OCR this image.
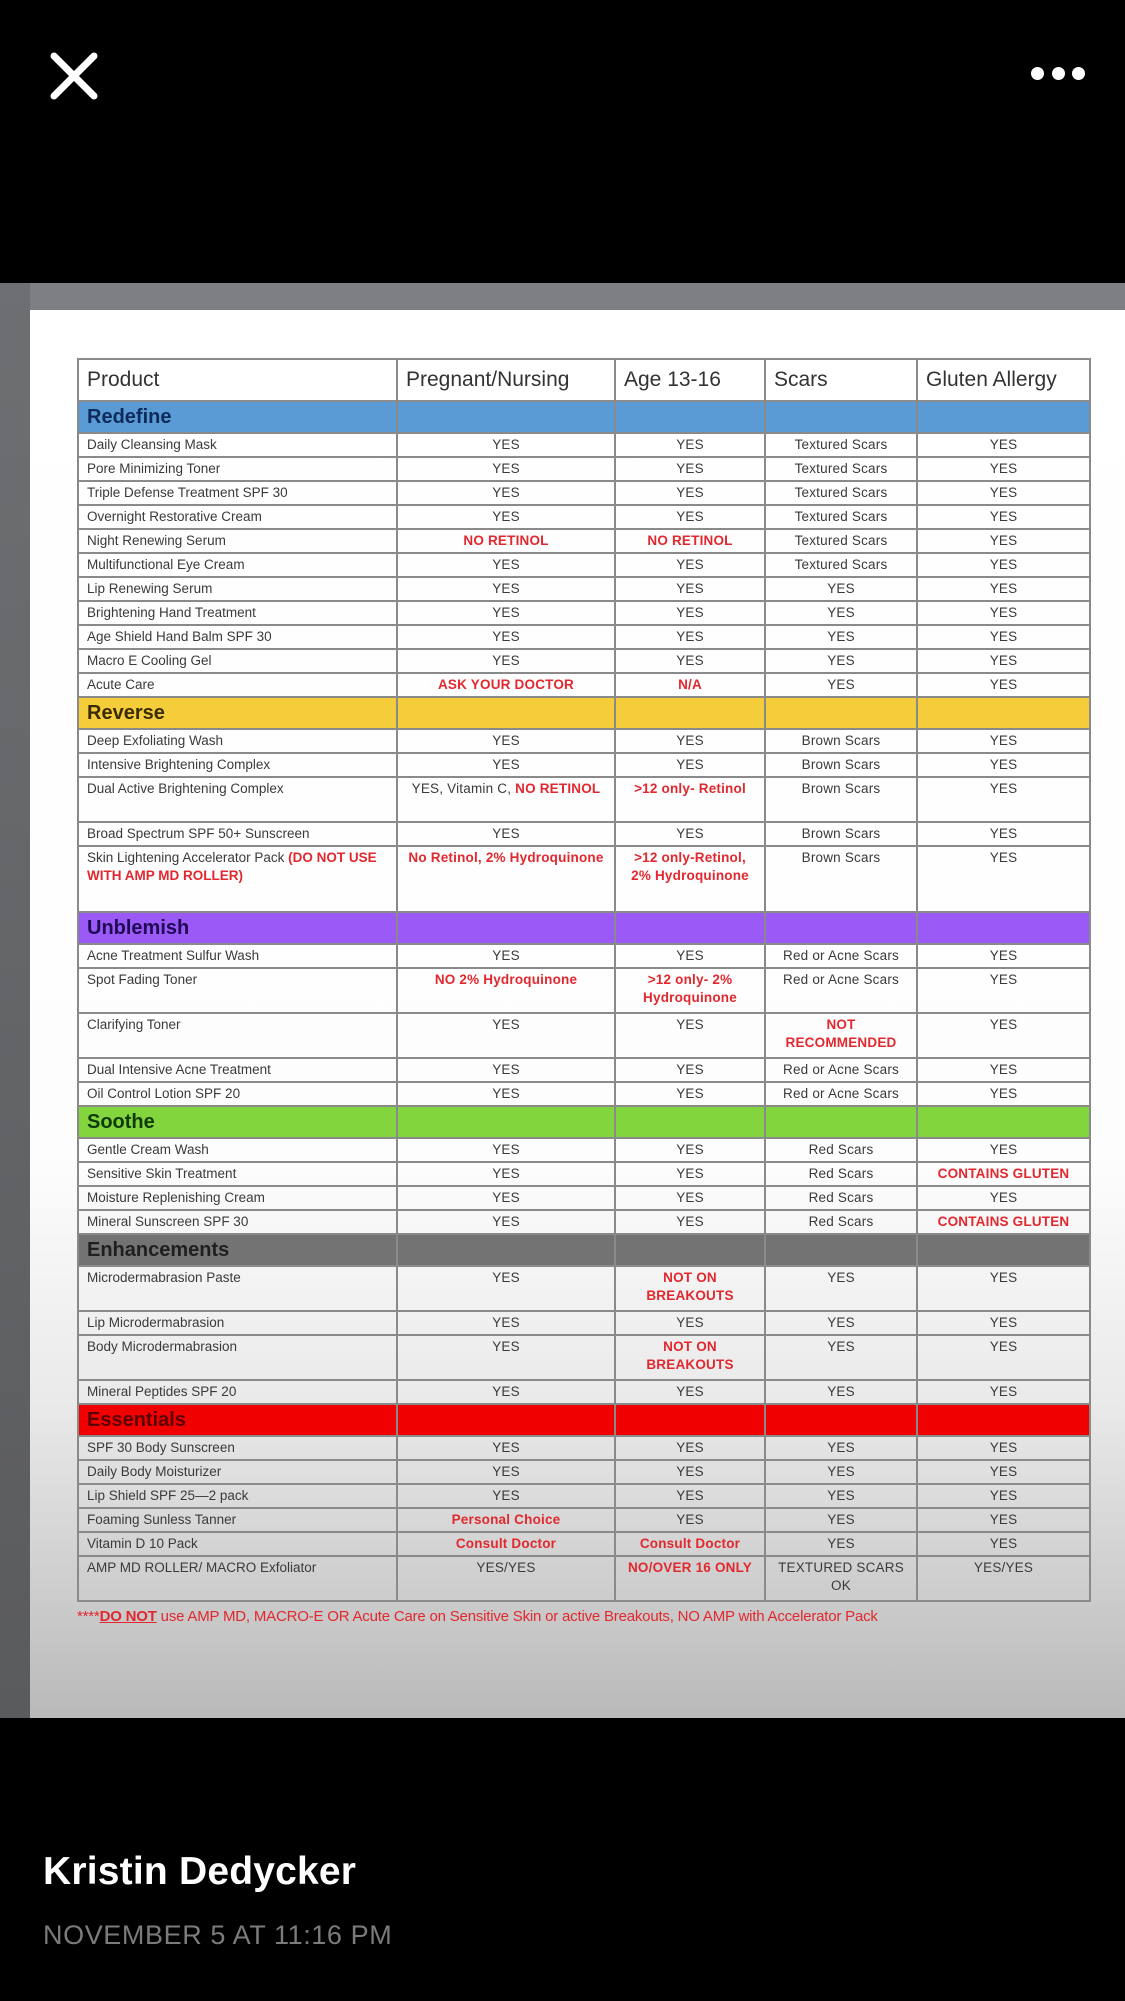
Product	Pregnant/Nursing	Age 13-16	Scars	Gluten Allergy
Redefine				
Daily Cleansing Mask	YES	YES	Textured Scars	YES
Pore Minimizing Toner	YES	YES	Textured Scars	YES
Triple Defense Treatment SPF 30	YES	YES	Textured Scars	YES
Overnight Restorative Cream	YES	YES	Textured Scars	YES
Night Renewing Serum	NO RETINOL	NO RETINOL	Textured Scars	YES
Multifunctional Eye Cream	YES	YES	Textured Scars	YES
Lip Renewing Serum	YES	YES	YES	YES
Brightening Hand Treatment	YES	YES	YES	YES
Age Shield Hand Balm SPF 30	YES	YES	YES	YES
Macro E Cooling Gel	YES	YES	YES	YES
Acute Care	ASK YOUR DOCTOR	N/A	YES	YES
Reverse				
Deep Exfoliating Wash	YES	YES	Brown Scars	YES
Intensive Brightening Complex	YES	YES	Brown Scars	YES
Dual Active Brightening Complex	YES, Vitamin C, NO RETINOL	>12 only- Retinol	Brown Scars	YES
Broad Spectrum SPF 50+ Sunscreen	YES	YES	Brown Scars	YES
Skin Lightening Accelerator Pack (DO NOT USE WITH AMP MD ROLLER)	No Retinol, 2% Hydroquinone	>12 only-Retinol, 2% Hydroquinone	Brown Scars	YES
Unblemish				
Acne Treatment Sulfur Wash	YES	YES	Red or Acne Scars	YES
Spot Fading Toner	NO 2% Hydroquinone	>12 only- 2% Hydroquinone	Red or Acne Scars	YES
Clarifying Toner	YES	YES	NOT RECOMMENDED	YES
Dual Intensive Acne Treatment	YES	YES	Red or Acne Scars	YES
Oil Control Lotion SPF 20	YES	YES	Red or Acne Scars	YES
Soothe				
Gentle Cream Wash	YES	YES	Red Scars	YES
Sensitive Skin Treatment	YES	YES	Red Scars	CONTAINS GLUTEN
Moisture Replenishing Cream	YES	YES	Red Scars	YES
Mineral Sunscreen SPF 30	YES	YES	Red Scars	CONTAINS GLUTEN
Enhancements				
Microdermabrasion Paste	YES	NOT ON BREAKOUTS	YES	YES
Lip Microdermabrasion	YES	YES	YES	YES
Body Microdermabrasion	YES	NOT ON BREAKOUTS	YES	YES
Mineral Peptides SPF 20	YES	YES	YES	YES
Essentials				
SPF 30 Body Sunscreen	YES	YES	YES	YES
Daily Body Moisturizer	YES	YES	YES	YES
Lip Shield SPF 25—2 pack	YES	YES	YES	YES
Foaming Sunless Tanner	Personal Choice	YES	YES	YES
Vitamin D 10 Pack	Consult Doctor	Consult Doctor	YES	YES
AMP MD ROLLER/ MACRO Exfoliator	YES/YES	NO/OVER 16 ONLY	TEXTURED SCARS OK	YES/YES
****DO NOT use AMP MD, MACRO-E OR Acute Care on Sensitive Skin or active Breakouts, NO AMP with Accelerator Pack
Kristin Dedycker
NOVEMBER 5 AT 11:16 PM
